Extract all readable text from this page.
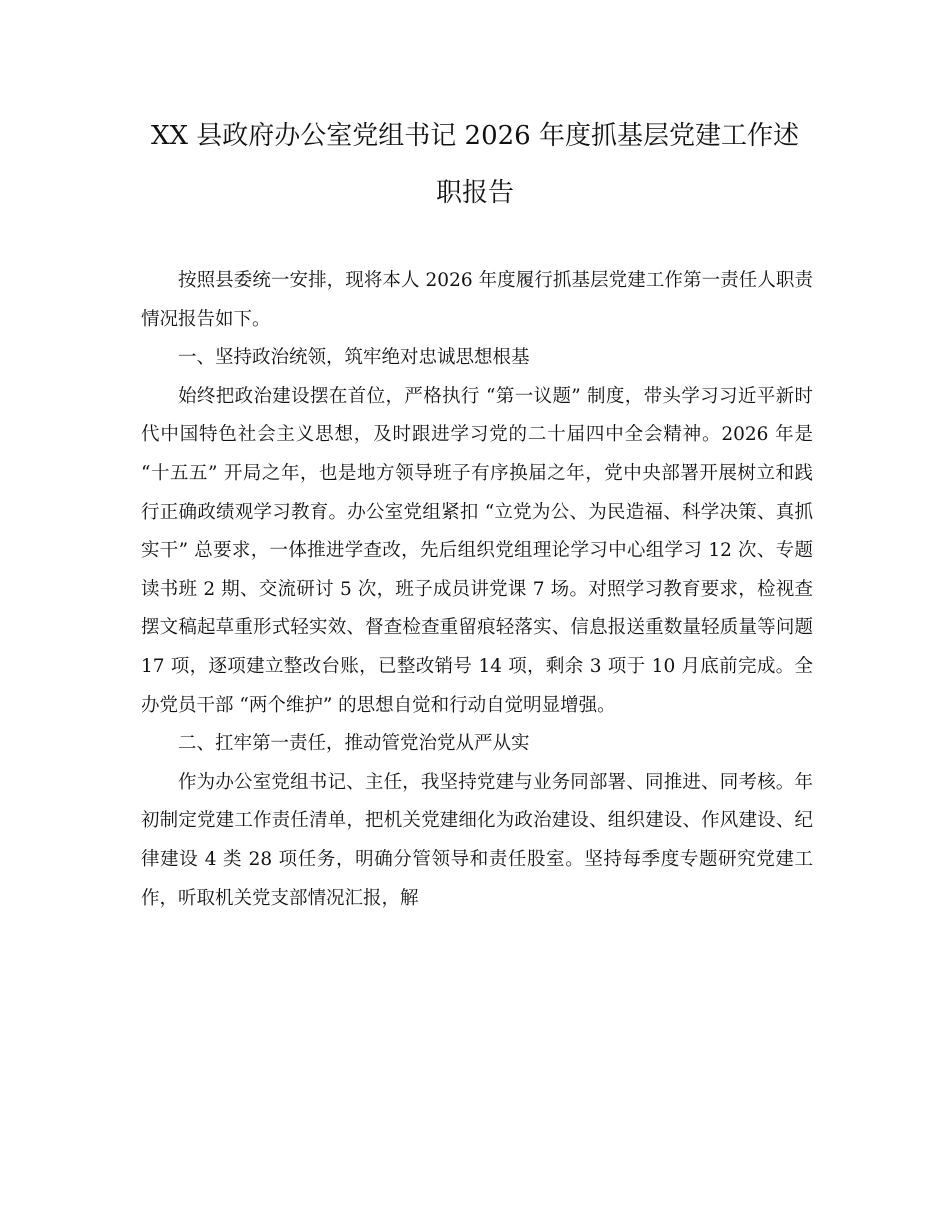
XX 县政府办公室党组书记 2026 年度抓基层党建工作述职报告

按照县委统一安排，现将本人 2026 年度履行抓基层党建工作第一责任人职责情况报告如下。

一、坚持政治统领，筑牢绝对忠诚思想根基

始终把政治建设摆在首位，严格执行 “第一议题” 制度，带头学习习近平新时代中国特色社会主义思想，及时跟进学习党的二十届四中全会精神。2026 年是 “十五五” 开局之年，也是地方领导班子有序换届之年，党中央部署开展树立和践行正确政绩观学习教育。办公室党组紧扣 “立党为公、为民造福、科学决策、真抓实干” 总要求，一体推进学查改，先后组织党组理论学习中心组学习 12 次、专题读书班 2 期、交流研讨 5 次，班子成员讲党课 7 场。对照学习教育要求，检视查摆文稿起草重形式轻实效、督查检查重留痕轻落实、信息报送重数量轻质量等问题 17 项，逐项建立整改台账，已整改销号 14 项，剩余 3 项于 10 月底前完成。全办党员干部 “两个维护” 的思想自觉和行动自觉明显增强。

二、扛牢第一责任，推动管党治党从严从实

作为办公室党组书记、主任，我坚持党建与业务同部署、同推进、同考核。年初制定党建工作责任清单，把机关党建细化为政治建设、组织建设、作风建设、纪律建设 4 类 28 项任务，明确分管领导和责任股室。坚持每季度专题研究党建工作，听取机关党支部情况汇报，解
